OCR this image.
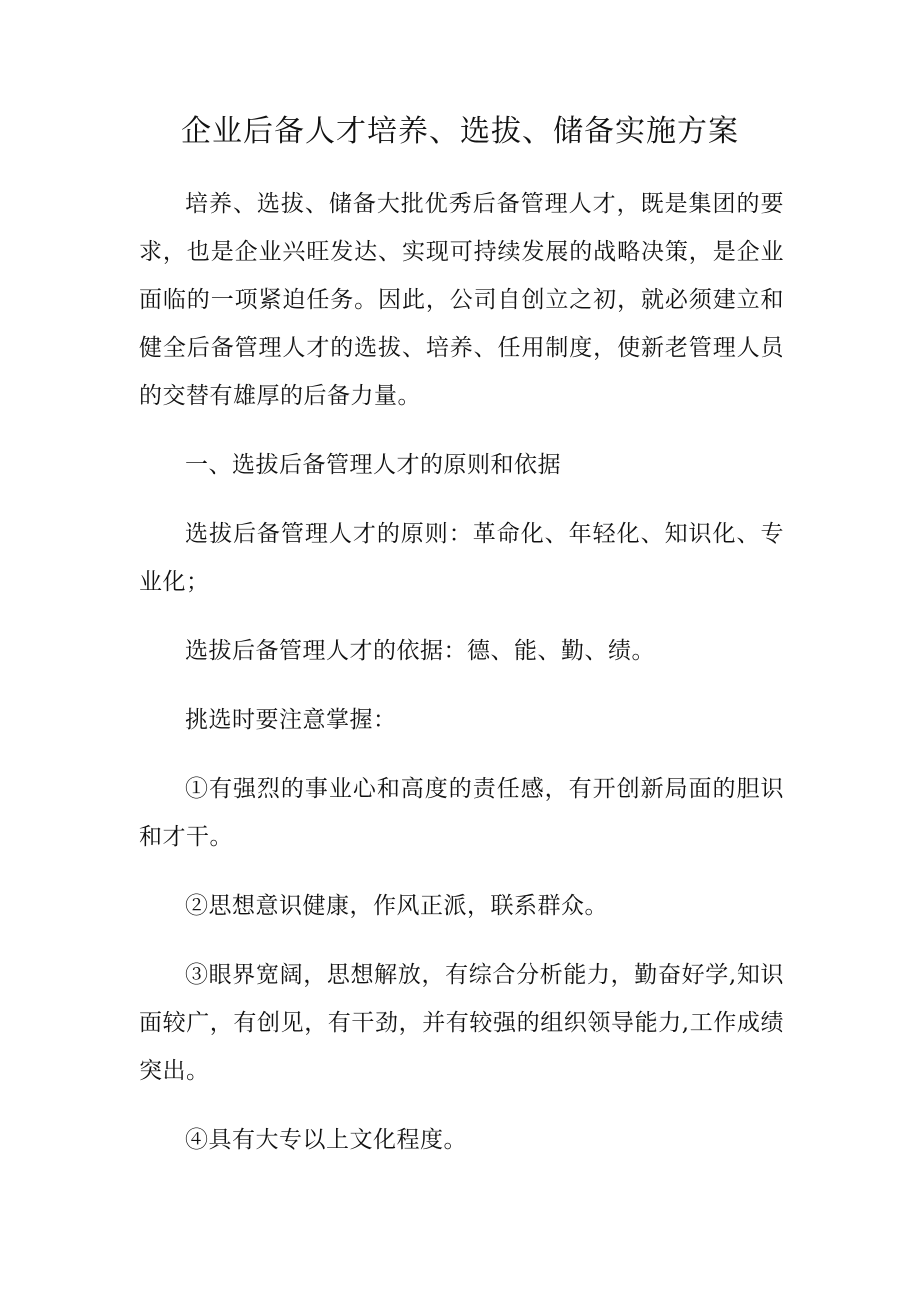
企业后备人才培养、选拔、储备实施方案

培养、选拔、储备大批优秀后备管理人才，既是集团的要求，也是企业兴旺发达、实现可持续发展的战略决策，是企业面临的一项紧迫任务。因此，公司自创立之初，就必须建立和健全后备管理人才的选拔、培养、任用制度，使新老管理人员的交替有雄厚的后备力量。

一、选拔后备管理人才的原则和依据

选拔后备管理人才的原则：革命化、年轻化、知识化、专业化；

选拔后备管理人才的依据：德、能、勤、绩。

挑选时要注意掌握：

①有强烈的事业心和高度的责任感，有开创新局面的胆识和才干。

②思想意识健康，作风正派，联系群众。

③眼界宽阔，思想解放，有综合分析能力，勤奋好学,知识面较广，有创见，有干劲，并有较强的组织领导能力,工作成绩突出。

④具有大专以上文化程度。
